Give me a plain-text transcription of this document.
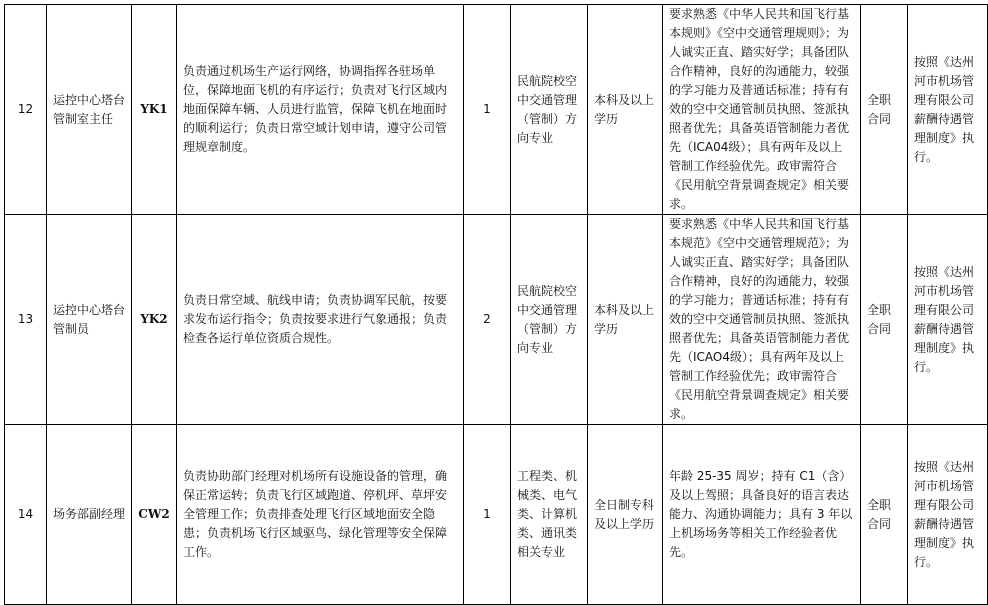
12	运控中心塔台管制室主任	YK1	负责通过机场生产运行网络，协调指挥各驻场单位，保障地面飞机的有序运行；负责对飞行区域内地面保障车辆、人员进行监管，保障飞机在地面时的顺利运行；负责日常空域计划申请，遵守公司管理规章制度。	1	民航院校空中交通管理（管制）方向专业	本科及以上学历	要求熟悉《中华人民共和国飞行基本规则》《空中交通管理规则》；为人诚实正直、踏实好学；具备团队合作精神，良好的沟通能力，较强的学习能力及普通话标准；持有有效的空中交通管制员执照、签派执照者优先；具备英语管制能力者优先（ICA04级）；具有两年及以上管制工作经验优先。政审需符合《民用航空背景调查规定》相关要求。	全职合同	按照《达州河市机场管理有限公司薪酬待遇管理制度》执行。
13	运控中心塔台管制员	YK2	负责日常空域、航线申请；负责协调军民航，按要求发布运行指令；负责按要求进行气象通报；负责检查各运行单位资质合规性。	2	民航院校空中交通管理（管制）方向专业	本科及以上学历	要求熟悉《中华人民共和国飞行基本规范》《空中交通管理规范》；为人诚实正直、踏实好学；具备团队合作精神，良好的沟通能力，较强的学习能力；普通话标准；持有有效的空中交通管制员执照、签派执照者优先；具备英语管制能力者优先（ICAO4级）；具有两年及以上管制工作经验优先；政审需符合《民用航空背景调查规定》相关要求。	全职合同	按照《达州河市机场管理有限公司薪酬待遇管理制度》执行。
14	场务部副经理	CW2	负责协助部门经理对机场所有设施设备的管理，确保正常运转；负责飞行区域跑道、停机坪、草坪安全管理工作；负责排查处理飞行区域地面安全隐患；负责机场飞行区域驱鸟、绿化管理等安全保障工作。	1	工程类、机械类、电气类、计算机类、通讯类相关专业	全日制专科及以上学历	年龄 25-35 周岁；持有 C1（含）及以上驾照；具备良好的语言表达能力、沟通协调能力；具有 3 年以上机场场务等相关工作经验者优先。	全职合同	按照《达州河市机场管理有限公司薪酬待遇管理制度》执行。
